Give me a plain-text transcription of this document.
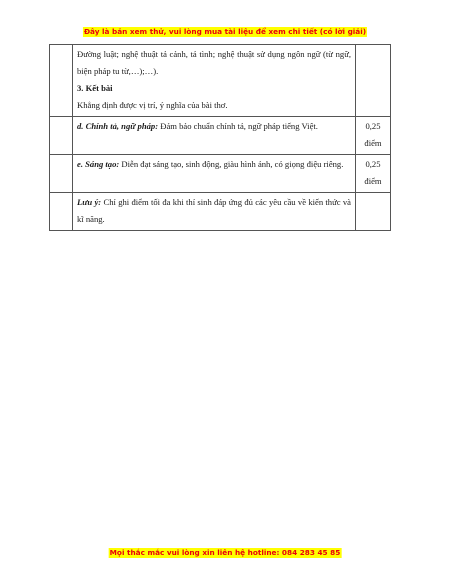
Đây là bản xem thử, vui lòng mua tài liệu để xem chi tiết (có lời giải)

	Đường luật; nghệ thuật tả cảnh, tả tình; nghệ thuật sử dụng ngôn ngữ (từ ngữ, biện pháp tu từ,…);…).

3. Kết bài

Khẳng định được vị trí, ý nghĩa của bài thơ.	

	d. Chính tả, ngữ pháp: Đảm bảo chuẩn chính tả, ngữ pháp tiếng Việt.	0,25 điểm
	e. Sáng tạo: Diễn đạt sáng tạo, sinh động, giàu hình ảnh, có giọng điệu riêng.	0,25 điểm
	Lưu ý: Chỉ ghi điểm tối đa khi thí sinh đáp ứng đủ các yêu cầu về kiến thức và kĩ năng.	
Mọi thắc mắc vui lòng xin liên hệ hotline: 084 283 45 85
